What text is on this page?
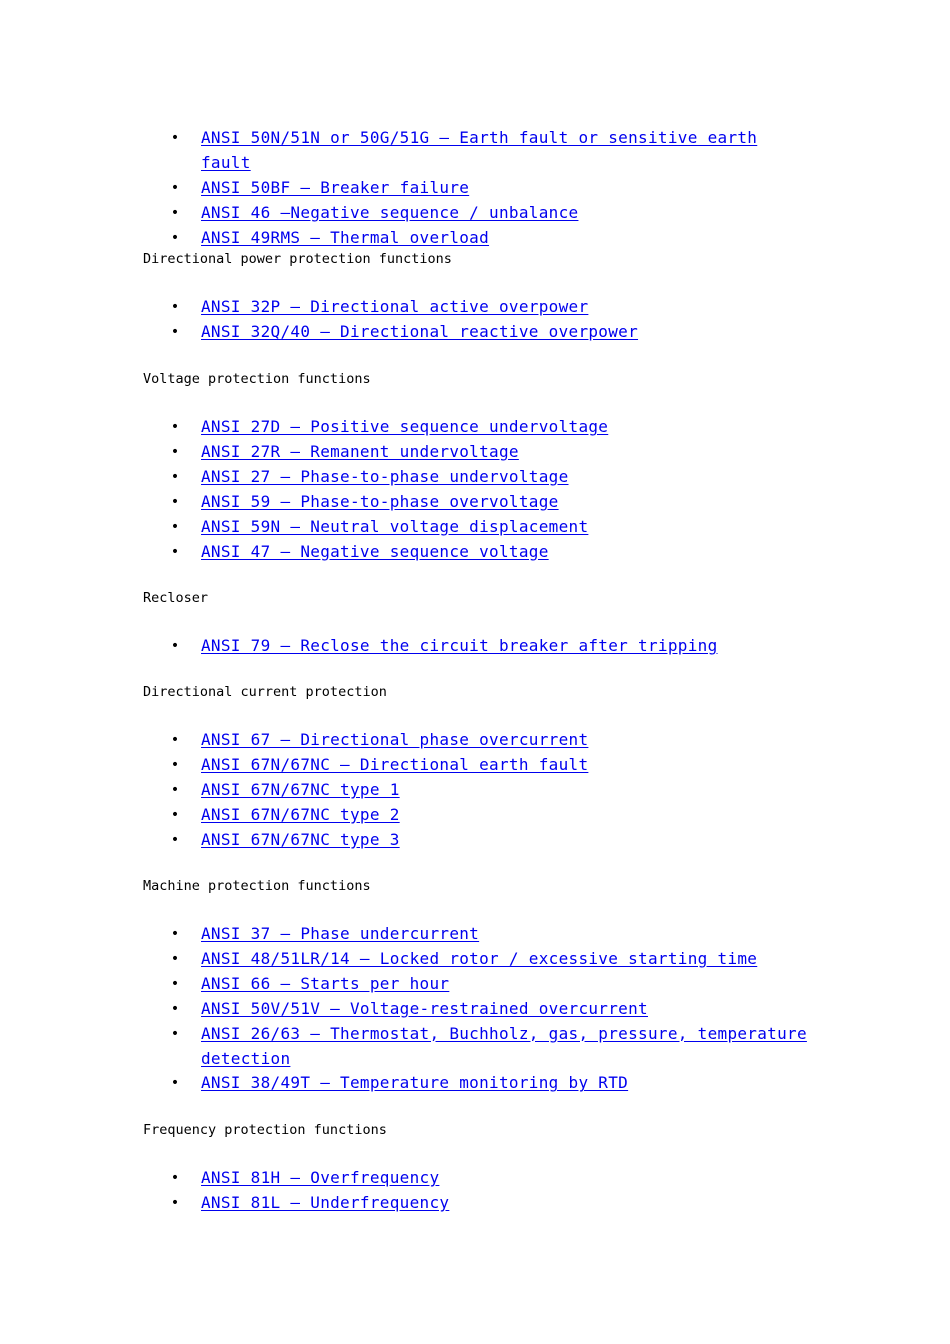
• ANSI 50N/51N or 50G/51G – Earth fault or sensitive earth fault
• ANSI 50BF – Breaker failure
• ANSI 46 –Negative sequence / unbalance
• ANSI 49RMS – Thermal overload
Directional power protection functions
• ANSI 32P – Directional active overpower
• ANSI 32Q/40 – Directional reactive overpower
Voltage protection functions
• ANSI 27D – Positive sequence undervoltage
• ANSI 27R – Remanent undervoltage
• ANSI 27 – Phase-to-phase undervoltage
• ANSI 59 – Phase-to-phase overvoltage
• ANSI 59N – Neutral voltage displacement
• ANSI 47 – Negative sequence voltage
Recloser
• ANSI 79 – Reclose the circuit breaker after tripping
Directional current protection
• ANSI 67 – Directional phase overcurrent
• ANSI 67N/67NC – Directional earth fault
• ANSI 67N/67NC type 1
• ANSI 67N/67NC type 2
• ANSI 67N/67NC type 3
Machine protection functions
• ANSI 37 – Phase undercurrent
• ANSI 48/51LR/14 – Locked rotor / excessive starting time
• ANSI 66 – Starts per hour
• ANSI 50V/51V – Voltage-restrained overcurrent
• ANSI 26/63 – Thermostat, Buchholz, gas, pressure, temperature detection
• ANSI 38/49T – Temperature monitoring by RTD
Frequency protection functions
• ANSI 81H – Overfrequency
• ANSI 81L – Underfrequency
